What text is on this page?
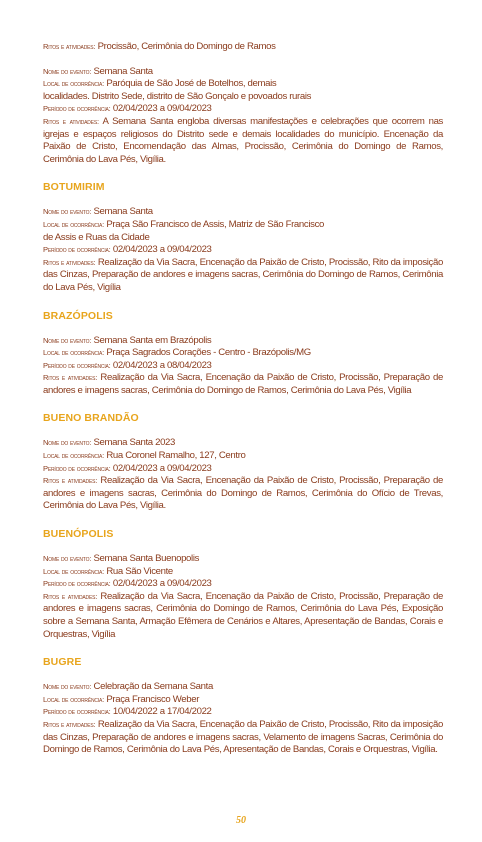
Ritos e atividades: Procissão, Cerimônia do Domingo de Ramos

Nome do evento: Semana Santa

Local de ocorrência: Paróquia de São José de Botelhos, demais

localidades. Distrito Sede, distrito de São Gonçalo e povoados rurais

Período de ocorrência: 02/04/2023 a 09/04/2023

Ritos e atividades: A Semana Santa engloba diversas manifestações e celebrações que ocorrem nas igrejas e espaços religiosos do Distrito sede e demais localidades do município. Encenação da Paixão de Cristo, Encomendação das Almas, Procissão, Cerimônia do Domingo de Ramos, Cerimônia do Lava Pés, Vigília.

BOTUMIRIM

Nome do evento: Semana Santa

Local de ocorrência: Praça São Francisco de Assis, Matriz de São Francisco

de Assis e Ruas da Cidade

Período de ocorrência: 02/04/2023 a 09/04/2023

Ritos e atividades: Realização da Via Sacra, Encenação da Paixão de Cristo, Procissão, Rito da imposição das Cinzas, Preparação de andores e imagens sacras, Cerimônia do Domingo de Ramos, Cerimônia do Lava Pés, Vigília

BRAZÓPOLIS

Nome do evento: Semana Santa em Brazópolis

Local de ocorrência: Praça Sagrados Corações - Centro - Brazópolis/MG

Período de ocorrência: 02/04/2023 a 08/04/2023

Ritos e atividades: Realização da Via Sacra, Encenação da Paixão de Cristo, Procissão, Preparação de andores e imagens sacras, Cerimônia do Domingo de Ramos, Cerimônia do Lava Pés, Vigília

BUENO BRANDÃO

Nome do evento: Semana Santa 2023

Local de ocorrência: Rua Coronel Ramalho, 127, Centro

Período de ocorrência: 02/04/2023 a 09/04/2023

Ritos e atividades: Realização da Via Sacra, Encenação da Paixão de Cristo, Procissão, Preparação de andores e imagens sacras, Cerimônia do Domingo de Ramos, Cerimônia do Ofício de Trevas, Cerimônia do Lava Pés, Vigília.

BUENÓPOLIS

Nome do evento: Semana Santa Buenopolis

Local de ocorrência: Rua São Vicente

Período de ocorrência: 02/04/2023 a 09/04/2023

Ritos e atividades: Realização da Via Sacra, Encenação da Paixão de Cristo, Procissão, Preparação de andores e imagens sacras, Cerimônia do Domingo de Ramos, Cerimônia do Lava Pés, Exposição sobre a Semana Santa, Armação Efêmera de Cenários e Altares, Apresentação de Bandas, Corais e Orquestras, Vigília

BUGRE

Nome do evento: Celebração da Semana Santa

Local de ocorrência: Praça Francisco Weber

Período de ocorrência: 10/04/2022 a 17/04/2022

Ritos e atividades: Realização da Via Sacra, Encenação da Paixão de Cristo, Procissão, Rito da imposição das Cinzas, Preparação de andores e imagens sacras, Velamento de imagens Sacras, Cerimônia do Domingo de Ramos, Cerimônia do Lava Pés, Apresentação de Bandas, Corais e Orquestras, Vigília.

50
